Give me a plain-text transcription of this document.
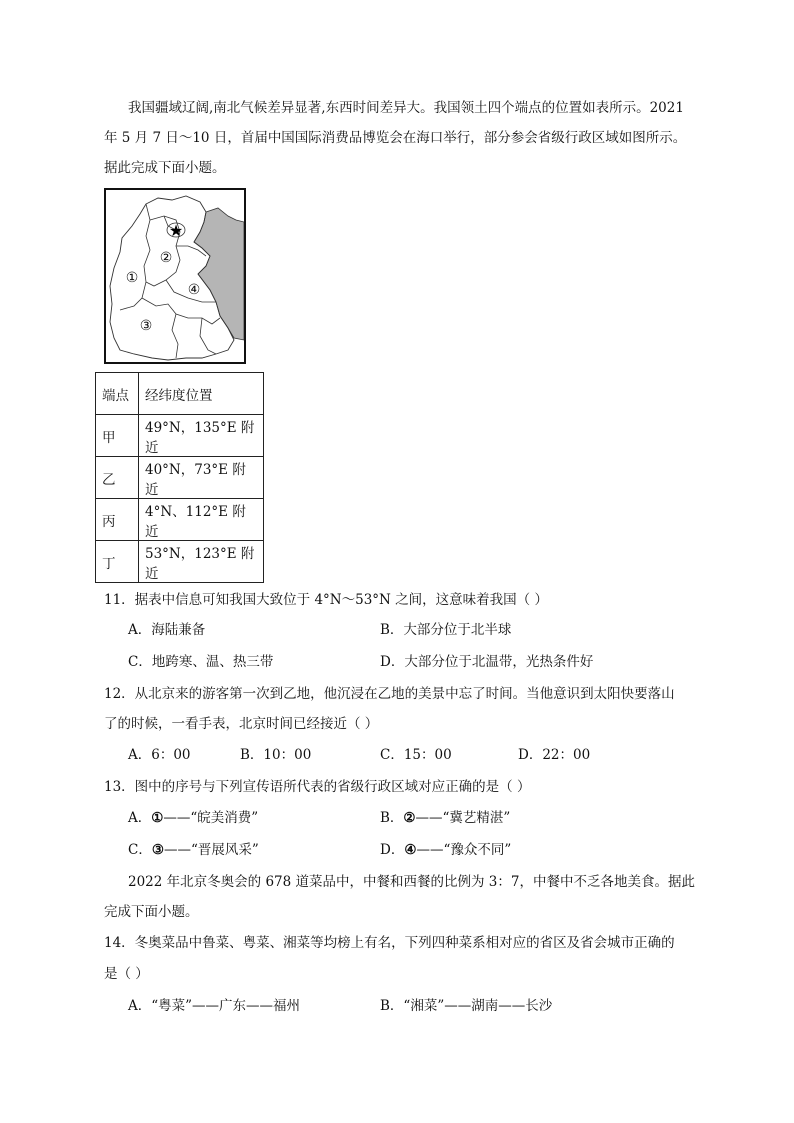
我国疆域辽阔,南北气候差异显著,东西时间差异大。我国领土四个端点的位置如表所示。2021
年 5 月 7 日～10 日，首届中国国际消费品博览会在海口举行，部分参会省级行政区域如图所示。
据此完成下面小题。
★
①
②
③
④
端点	经纬度位置
甲	49°N，135°E 附近
乙	40°N，73°E 附近
丙	4°N、112°E 附近
丁	53°N，123°E 附近
11．据表中信息可知我国大致位于 4°N～53°N 之间，这意味着我国（ ）
A．海陆兼备	B．大部分位于北半球
C．地跨寒、温、热三带	D．大部分位于北温带，光热条件好
12．从北京来的游客第一次到乙地，他沉浸在乙地的美景中忘了时间。当他意识到太阳快要落山
了的时候，一看手表，北京时间已经接近（ ）
A．6：00	B．10：00	C．15：00	D．22：00
13．图中的序号与下列宣传语所代表的省级行政区域对应正确的是（ ）
A．①——“皖美消费”	B．②——“冀艺精湛”
C．③——“晋展风采”	D．④——“豫众不同”
2022 年北京冬奥会的 678 道菜品中，中餐和西餐的比例为 3：7，中餐中不乏各地美食。据此
完成下面小题。
14．冬奥菜品中鲁菜、粤菜、湘菜等均榜上有名，下列四种菜系相对应的省区及省会城市正确的
是（ ）
A．“粤菜”——广东——福州	B．“湘菜”——湖南——长沙
